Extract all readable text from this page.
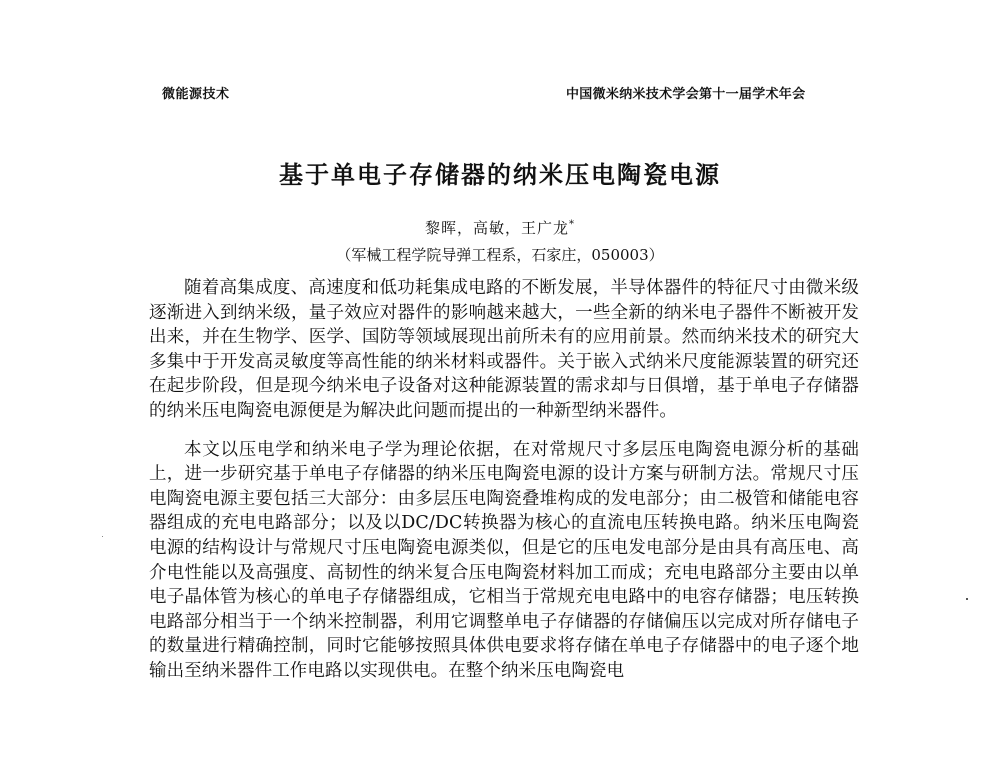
微能源技术	中国微米纳米技术学会第十一届学术年会
基于单电子存储器的纳米压电陶瓷电源
黎晖，高敏，王广龙*
（军械工程学院导弹工程系，石家庄，050003）

随着高集成度、高速度和低功耗集成电路的不断发展，半导体器件的特征尺寸由微米级逐渐进入到纳米级，量子效应对器件的影响越来越大，一些全新的纳米电子器件不断被开发出来，并在生物学、医学、国防等领域展现出前所未有的应用前景。然而纳米技术的研究大多集中于开发高灵敏度等高性能的纳米材料或器件。关于嵌入式纳米尺度能源装置的研究还在起步阶段，但是现今纳米电子设备对这种能源装置的需求却与日俱增，基于单电子存储器的纳米压电陶瓷电源便是为解决此问题而提出的一种新型纳米器件。

本文以压电学和纳米电子学为理论依据，在对常规尺寸多层压电陶瓷电源分析的基础上，进一步研究基于单电子存储器的纳米压电陶瓷电源的设计方案与研制方法。常规尺寸压电陶瓷电源主要包括三大部分：由多层压电陶瓷叠堆构成的发电部分；由二极管和储能电容器组成的充电电路部分；以及以DC/DC转换器为核心的直流电压转换电路。纳米压电陶瓷电源的结构设计与常规尺寸压电陶瓷电源类似，但是它的压电发电部分是由具有高压电、高介电性能以及高强度、高韧性的纳米复合压电陶瓷材料加工而成；充电电路部分主要由以单电子晶体管为核心的单电子存储器组成，它相当于常规充电电路中的电容存储器；电压转换电路部分相当于一个纳米控制器，利用它调整单电子存储器的存储偏压以完成对所存储电子的数量进行精确控制，同时它能够按照具体供电要求将存储在单电子存储器中的电子逐个地输出至纳米器件工作电路以实现供电。在整个纳米压电陶瓷电
